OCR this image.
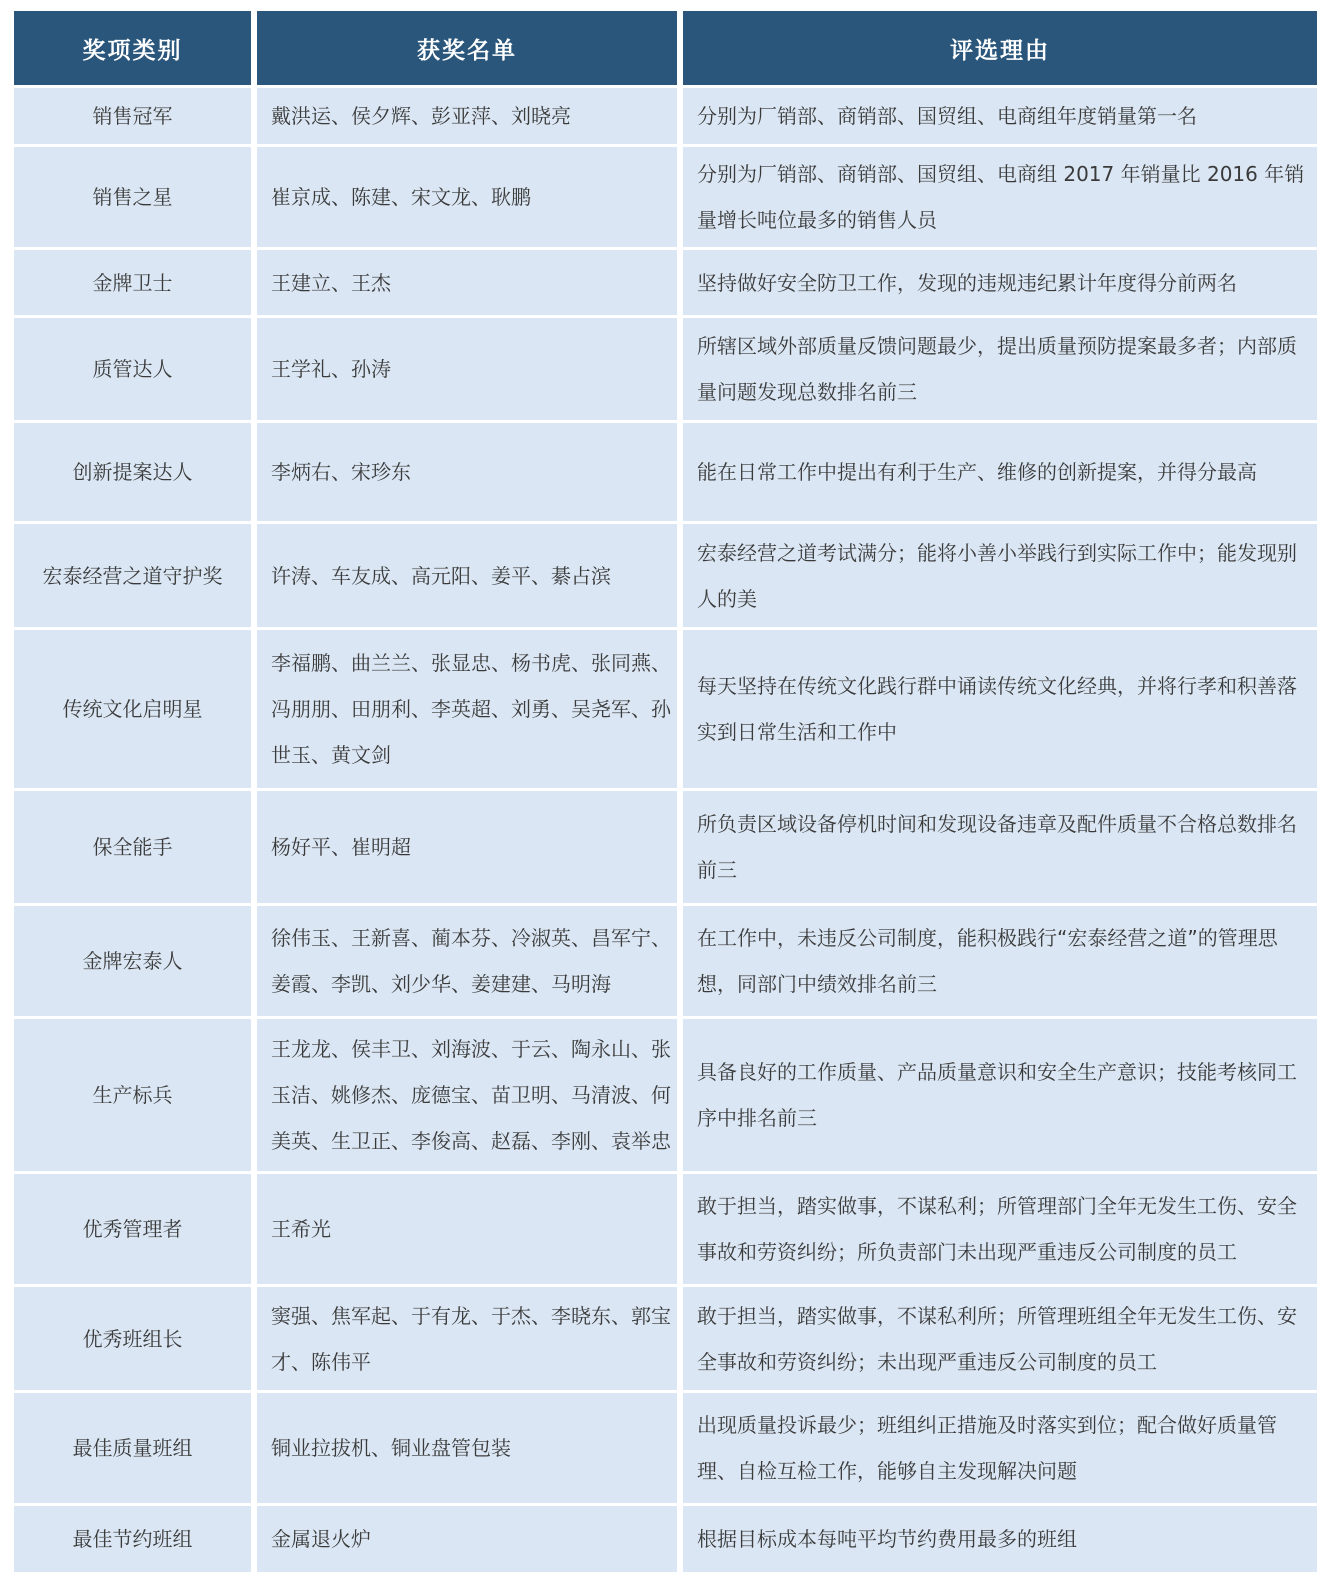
奖项类别	获奖名单	评选理由
销售冠军	戴洪运、侯夕辉、彭亚萍、刘晓亮	分别为厂销部、商销部、国贸组、电商组年度销量第一名
销售之星	崔京成、陈建、宋文龙、耿鹏	分别为厂销部、商销部、国贸组、电商组 2017 年销量比 2016 年销量增长吨位最多的销售人员
金牌卫士	王建立、王杰	坚持做好安全防卫工作，发现的违规违纪累计年度得分前两名
质管达人	王学礼、孙涛	所辖区域外部质量反馈问题最少，提出质量预防提案最多者；内部质量问题发现总数排名前三
创新提案达人	李炳右、宋珍东	能在日常工作中提出有利于生产、维修的创新提案，并得分最高
宏泰经营之道守护奖	许涛、车友成、高元阳、姜平、綦占滨	宏泰经营之道考试满分；能将小善小举践行到实际工作中；能发现别人的美
传统文化启明星	李福鹏、曲兰兰、张显忠、杨书虎、张同燕、冯朋朋、田朋利、李英超、刘勇、吴尧军、孙世玉、黄文剑	每天坚持在传统文化践行群中诵读传统文化经典，并将行孝和积善落实到日常生活和工作中
保全能手	杨好平、崔明超	所负责区域设备停机时间和发现设备违章及配件质量不合格总数排名前三
金牌宏泰人	徐伟玉、王新喜、蔺本芬、冷淑英、昌军宁、姜霞、李凯、刘少华、姜建建、马明海	在工作中，未违反公司制度，能积极践行“宏泰经营之道”的管理思想，同部门中绩效排名前三
生产标兵	王龙龙、侯丰卫、刘海波、于云、陶永山、张玉洁、姚修杰、庞德宝、苗卫明、马清波、何美英、生卫正、李俊高、赵磊、李刚、袁举忠	具备良好的工作质量、产品质量意识和安全生产意识；技能考核同工序中排名前三
优秀管理者	王希光	敢于担当，踏实做事，不谋私利；所管理部门全年无发生工伤、安全事故和劳资纠纷；所负责部门未出现严重违反公司制度的员工
优秀班组长	窦强、焦军起、于有龙、于杰、李晓东、郭宝才、陈伟平	敢于担当，踏实做事，不谋私利所；所管理班组全年无发生工伤、安全事故和劳资纠纷；未出现严重违反公司制度的员工
最佳质量班组	铜业拉拔机、铜业盘管包装	出现质量投诉最少；班组纠正措施及时落实到位；配合做好质量管理、自检互检工作，能够自主发现解决问题
最佳节约班组	金属退火炉	根据目标成本每吨平均节约费用最多的班组
